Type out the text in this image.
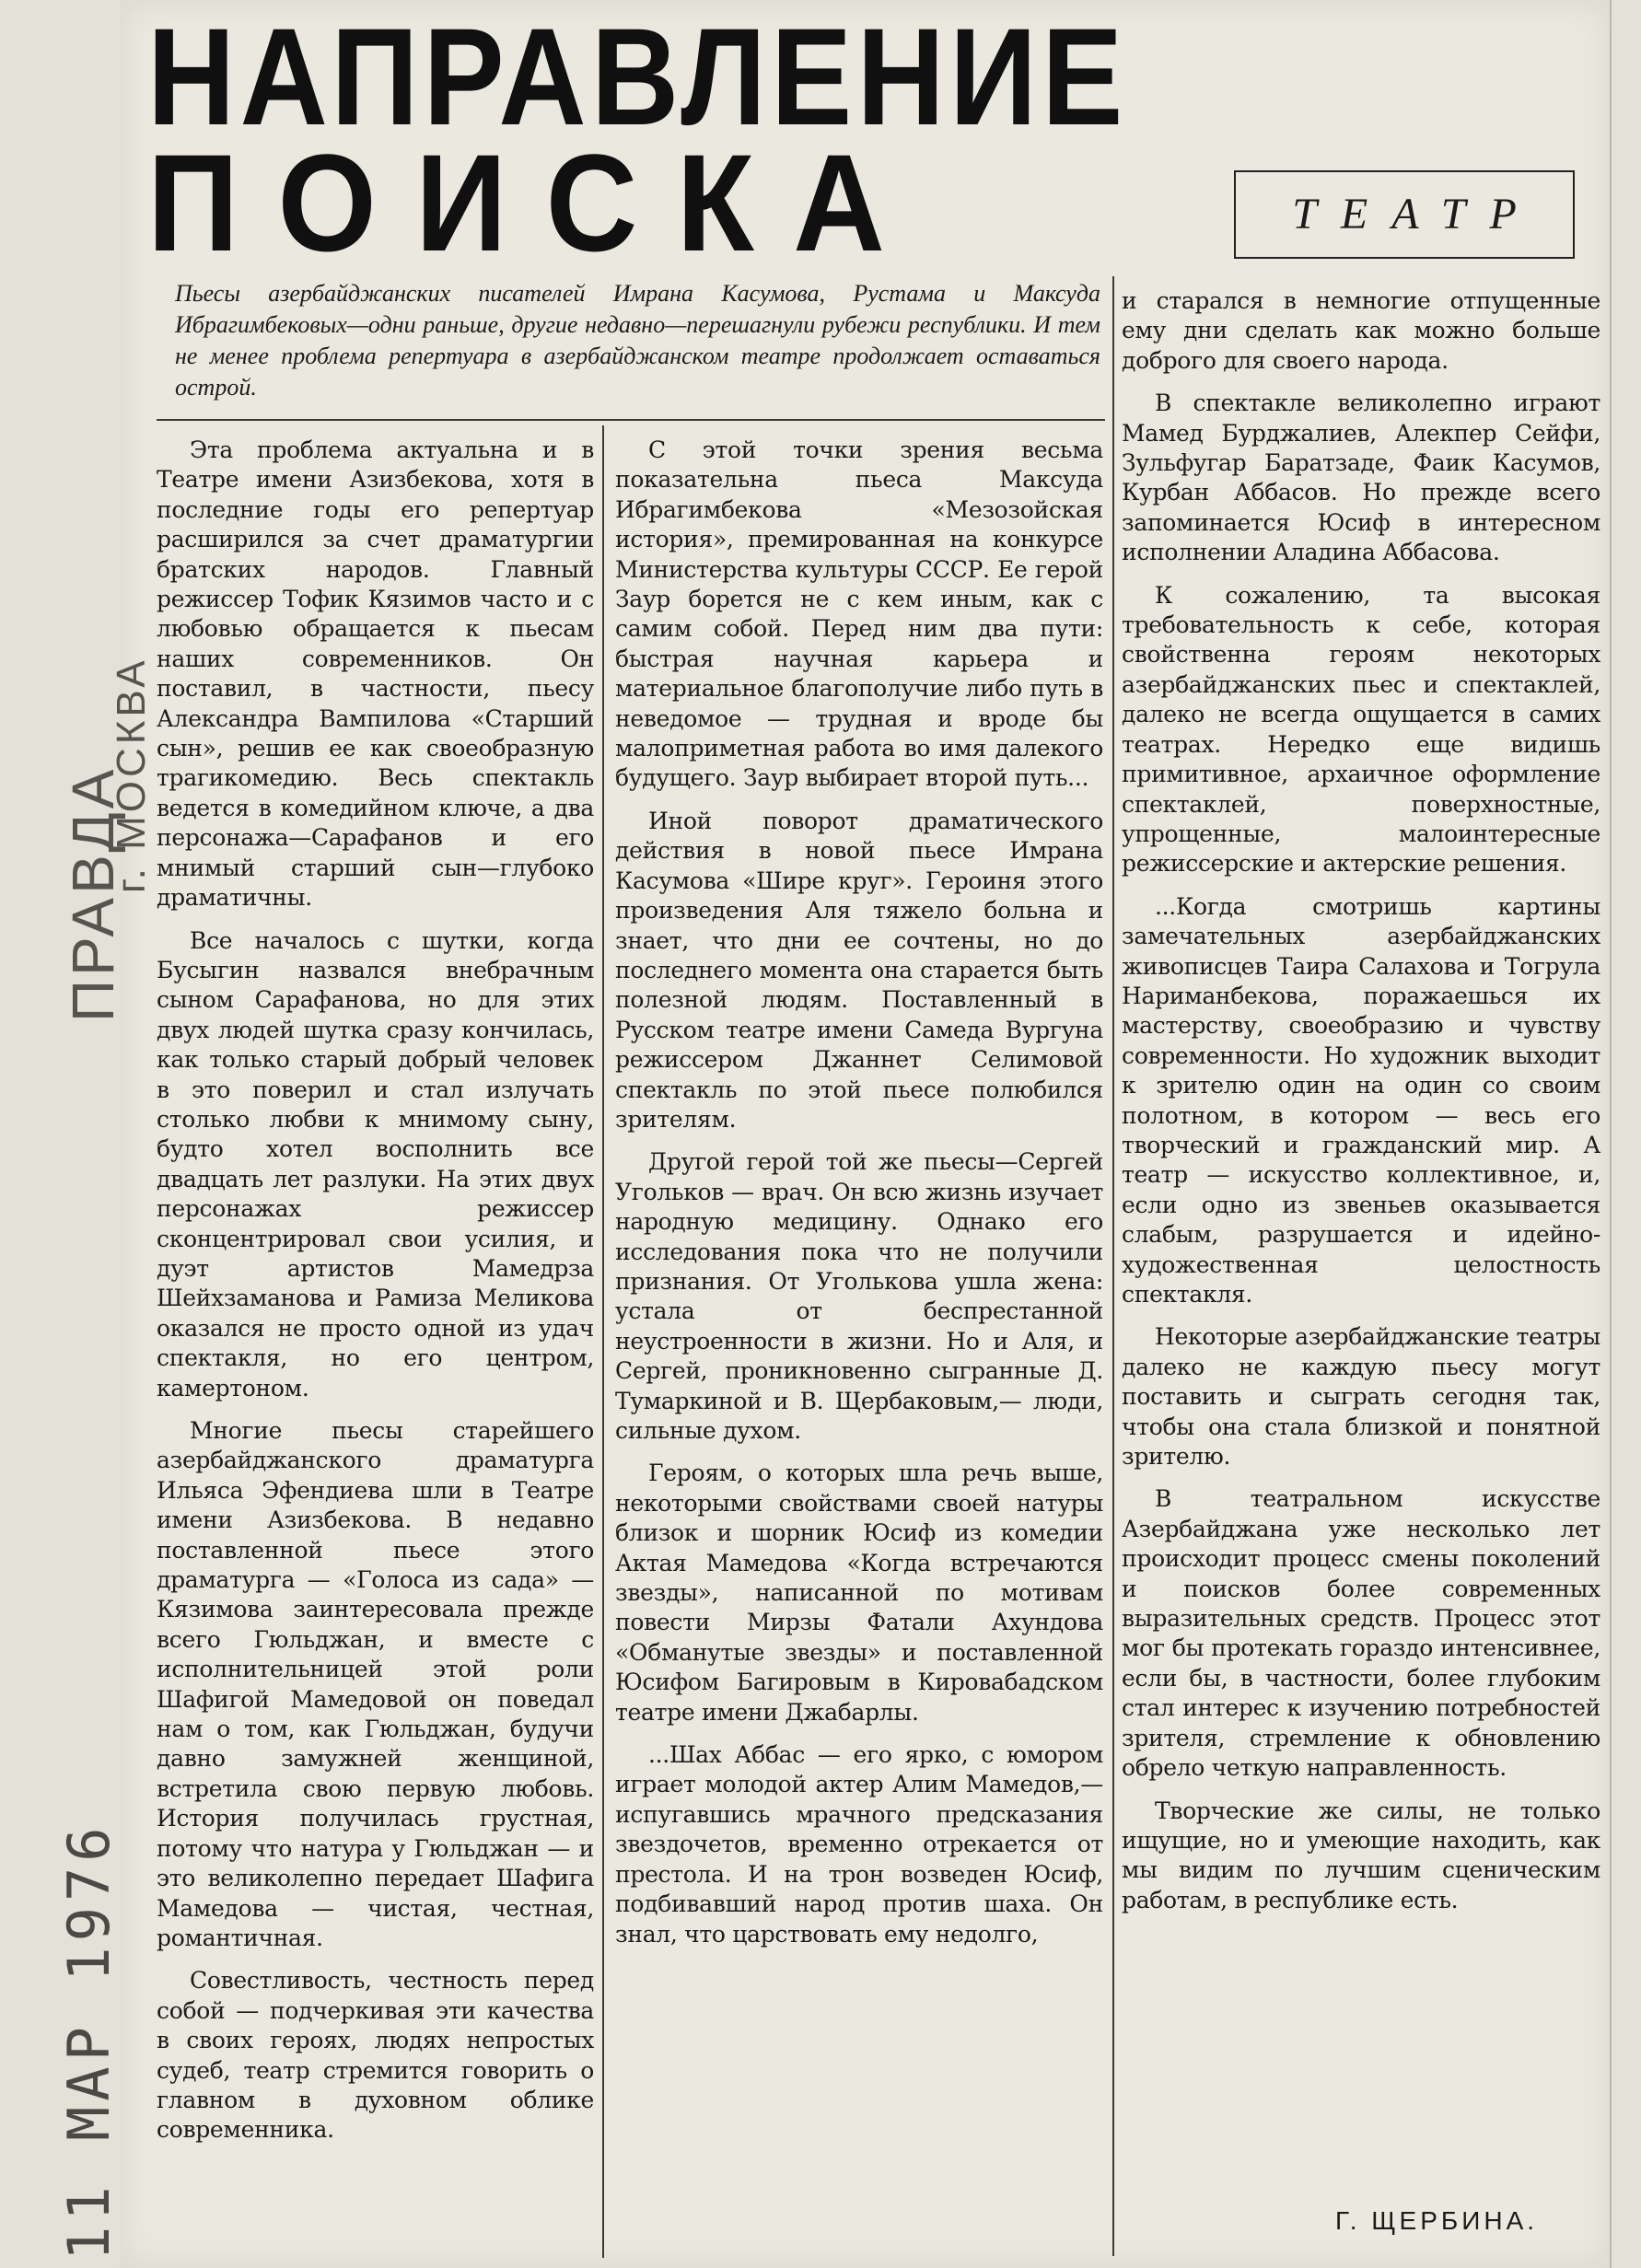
НАПРАВЛЕНИЕ
ПОИСКА	ТЕАТР

Пьесы азербайджанских писателей Имрана Касумова, Рустама и Максуда Ибрагимбековых—одни раньше, другие недавно—перешагнули рубежи республики. И тем не менее проблема репертуара в азербайджанском театре продолжает оставаться острой.

Эта проблема актуальна и в Театре имени Азизбекова, хотя в последние годы его репертуар расширился за счет драматургии братских народов. Главный режиссер Тофик Кязимов часто и с любовью обращается к пьесам наших современников. Он поставил, в частности, пьесу Александра Вампилова «Старший сын», решив ее как своеобразную трагикомедию. Весь спектакль ведется в комедийном ключе, а два персонажа—Сарафанов и его мнимый старший сын—глубоко драматичны.

Все началось с шутки, когда Бусыгин назвался внебрачным сыном Сарафанова, но для этих двух людей шутка сразу кончилась, как только старый добрый человек в это поверил и стал излучать столько любви к мнимому сыну, будто хотел восполнить все двадцать лет разлуки. На этих двух персонажах режиссер сконцентрировал свои усилия, и дуэт артистов Мамедрза Шейхзаманова и Рамиза Меликова оказался не просто одной из удач спектакля, но его центром, камертоном.

Многие пьесы старейшего азербайджанского драматурга Ильяса Эфендиева шли в Театре имени Азизбекова. В недавно поставленной пьесе этого драматурга — «Голоса из сада» — Кязимова заинтересовала прежде всего Гюльджан, и вместе с исполнительницей этой роли Шафигой Мамедовой он поведал нам о том, как Гюльджан, будучи давно замужней женщиной, встретила свою первую любовь. История получилась грустная, потому что натура у Гюльджан — и это великолепно передает Шафига Мамедова — чистая, честная, романтичная.

Совестливость, честность перед собой — подчеркивая эти качества в своих героях, людях непростых судеб, театр стремится говорить о главном в духовном облике современника.

С этой точки зрения весьма показательна пьеса Максуда Ибрагимбекова «Мезозойская история», премированная на конкурсе Министерства культуры СССР. Ее герой Заур борется не с кем иным, как с самим собой. Перед ним два пути: быстрая научная карьера и материальное благополучие либо путь в неведомое — трудная и вроде бы малоприметная работа во имя далекого будущего. Заур выбирает второй путь...

Иной поворот драматического действия в новой пьесе Имрана Касумова «Шире круг». Героиня этого произведения Аля тяжело больна и знает, что дни ее сочтены, но до последнего момента она старается быть полезной людям. Поставленный в Русском театре имени Самеда Вургуна режиссером Джаннет Селимовой спектакль по этой пьесе полюбился зрителям.

Другой герой той же пьесы—Сергей Угольков — врач. Он всю жизнь изучает народную медицину. Однако его исследования пока что не получили признания. От Уголькова ушла жена: устала от беспрестанной неустроенности в жизни. Но и Аля, и Сергей, проникновенно сыгранные Д. Тумаркиной и В. Щербаковым,— люди, сильные духом.

Героям, о которых шла речь выше, некоторыми свойствами своей натуры близок и шорник Юсиф из комедии Актая Мамедова «Когда встречаются звезды», написанной по мотивам повести Мирзы Фатали Ахундова «Обманутые звезды» и поставленной Юсифом Багировым в Кировабадском театре имени Джабарлы.

...Шах Аббас — его ярко, с юмором играет молодой актер Алим Мамедов,— испугавшись мрачного предсказания звездочетов, временно отрекается от престола. И на трон возведен Юсиф, подбивавший народ против шаха. Он знал, что царствовать ему недолго,

и старался в немногие отпущенные ему дни сделать как можно больше доброго для своего народа.

В спектакле великолепно играют Мамед Бурджалиев, Алекпер Сейфи, Зульфугар Баратзаде, Фаик Касумов, Курбан Аббасов. Но прежде всего запоминается Юсиф в интересном исполнении Аладина Аббасова.

К сожалению, та высокая требовательность к себе, которая свойственна героям некоторых азербайджанских пьес и спектаклей, далеко не всегда ощущается в самих театрах. Нередко еще видишь примитивное, архаичное оформление спектаклей, поверхностные, упрощенные, малоинтересные режиссерские и актерские решения.

...Когда смотришь картины замечательных азербайджанских живописцев Таира Салахова и Тогрула Нариманбекова, поражаешься их мастерству, своеобразию и чувству современности. Но художник выходит к зрителю один на один со своим полотном, в котором — весь его творческий и гражданский мир. А театр — искусство коллективное, и, если одно из звеньев оказывается слабым, разрушается и идейно-художественная целостность спектакля.

Некоторые азербайджанские театры далеко не каждую пьесу могут поставить и сыграть сегодня так, чтобы она стала близкой и понятной зрителю.

В театральном искусстве Азербайджана уже несколько лет происходит процесс смены поколений и поисков более современных выразительных средств. Процесс этот мог бы протекать гораздо интенсивнее, если бы, в частности, более глубоким стал интерес к изучению потребностей зрителя, стремление к обновлению обрело четкую направленность.

Творческие же силы, не только ищущие, но и умеющие находить, как мы видим по лучшим сценическим работам, в республике есть.

Г. ЩЕРБИНА.
ПРАВДА
г. МОСКВА
11 МАР 1976
